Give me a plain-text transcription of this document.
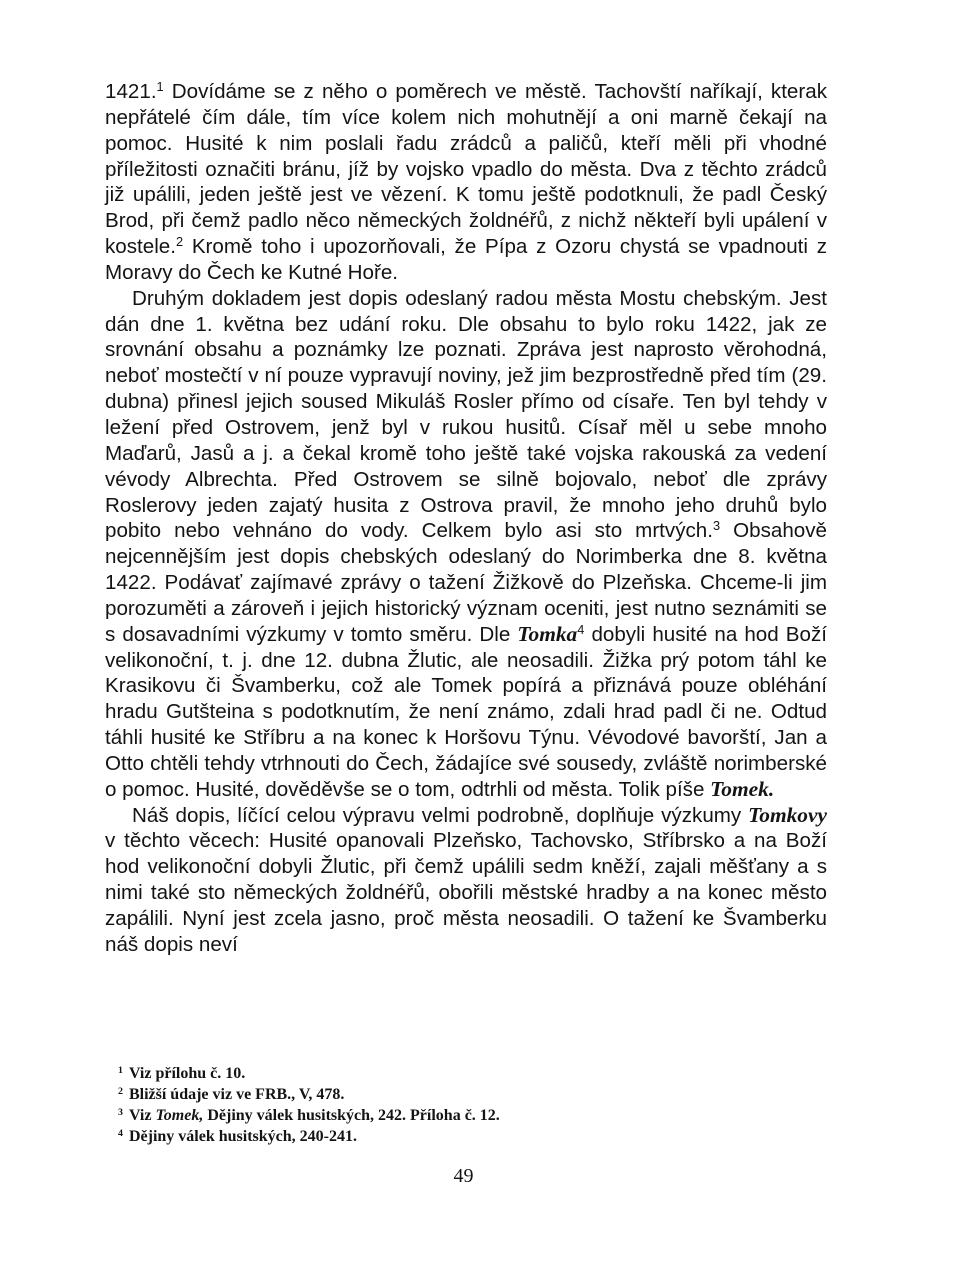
1421.$^1$ Dovídáme se z něho o poměrech ve městě. Tachovští naříkají, kterak nepřátelé čím dále, tím více kolem nich mohutnějí a oni marně čekají na pomoc. Husité k nim poslali řadu zrádců a paličů, kteří měli při vhodné příležitosti označiti bránu, jíž by vojsko vpadlo do města. Dva z těchto zrádců již upálili, jeden ještě jest ve vězení. K tomu ještě podotknuli, že padl Český Brod, při čemž padlo něco německých žoldnéřů, z nichž někteří byli upálení v kostele.$^2$ Kromě toho i upozorňovali, že Pípa z Ozoru chystá se vpadnouti z Moravy do Čech ke Kutné Hoře.

Druhým dokladem jest dopis odeslaný radou města Mostu chebským. Jest dán dne 1. května bez udání roku. Dle obsahu to bylo roku 1422, jak ze srovnání obsahu a poznámky lze poznati. Zpráva jest naprosto věrohodná, neboť mostečtí v ní pouze vypravují noviny, jež jim bezprostředně před tím (29. dubna) přinesl jejich soused Mikuláš Rosler přímo od císaře. Ten byl tehdy v ležení před Ostrovem, jenž byl v rukou husitů. Císař měl u sebe mnoho Maďarů, Jasů a j. a čekal kromě toho ještě také vojska rakouská za vedení vévody Albrechta. Před Ostrovem se silně bojovalo, neboť dle zprávy Roslerovy jeden zajatý husita z Ostrova pravil, že mnoho jeho druhů bylo pobito nebo vehnáno do vody. Celkem bylo asi sto mrtvých.$^3$ Obsahově nejcennějším jest dopis chebských odeslaný do Norimberka dne 8. května 1422. Podávať zajímavé zprávy o tažení Žižkově do Plzeňska. Chceme-li jim porozuměti a zároveň i jejich historický význam oceniti, jest nutno seznámiti se s dosavadními výzkumy v tomto směru. Dle Tomka$^4$ dobyli husité na hod Boží velikonoční, t. j. dne 12. dubna Žlutic, ale neosadili. Žižka prý potom táhl ke Krasikovu či Švamberku, což ale Tomek popírá a přiznává pouze obléhání hradu Gutšteina s podotknutím, že není známo, zdali hrad padl či ne. Odtud táhli husité ke Stříbru a na konec k Horšovu Týnu. Vévodové bavorští, Jan a Otto chtěli tehdy vtrhnouti do Čech, žádajíce své sousedy, zvláště norimberské o pomoc. Husité, dověděvše se o tom, odtrhli od města. Tolik píše Tomek.

Náš dopis, líčící celou výpravu velmi podrobně, doplňuje výzkumy Tomkovy v těchto věcech: Husité opanovali Plzeňsko, Tachovsko, Stříbrsko a na Boží hod velikonoční dobyli Žlutic, při čemž upálili sedm kněží, zajali měšťany a s nimi také sto německých žoldnéřů, obořili městské hradby a na konec město zapálili. Nyní jest zcela jasno, proč města neosadili. O tažení ke Švamberku náš dopis neví

$^1$ Viz přílohu č. 10.
$^2$ Bližší údaje viz ve FRB., V, 478.
$^3$ Viz Tomek, Dějiny válek husitských, 242. Příloha č. 12.
$^4$ Dějiny válek husitských, 240-241.
49
